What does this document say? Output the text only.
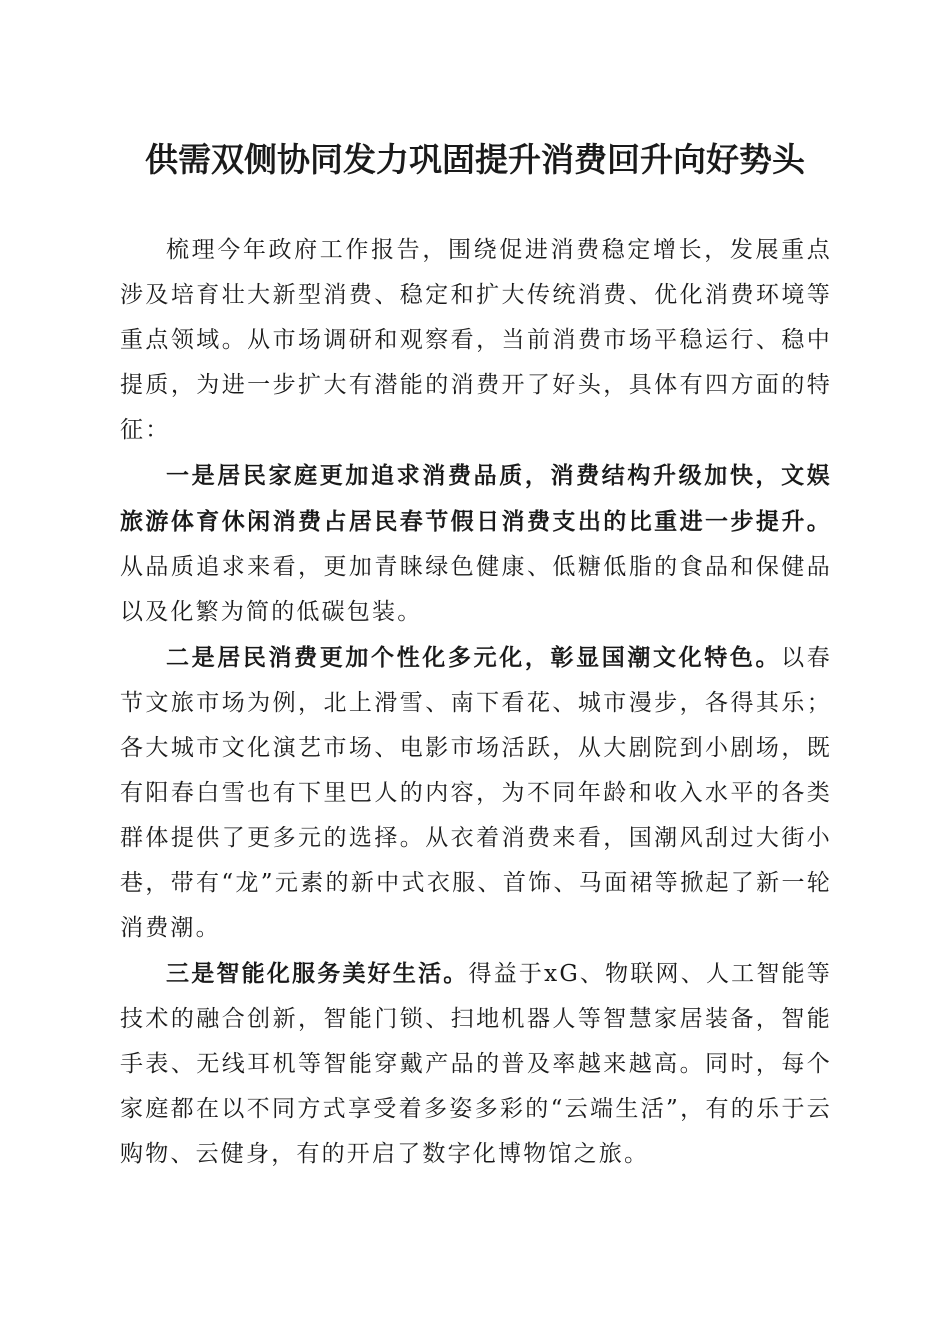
供需双侧协同发力巩固提升消费回升向好势头

梳理今年政府工作报告，围绕促进消费稳定增长，发展重点涉及培育壮大新型消费、稳定和扩大传统消费、优化消费环境等重点领域。从市场调研和观察看，当前消费市场平稳运行、稳中提质，为进一步扩大有潜能的消费开了好头，具体有四方面的特征：

一是居民家庭更加追求消费品质，消费结构升级加快，文娱旅游体育休闲消费占居民春节假日消费支出的比重进一步提升。从品质追求来看，更加青睐绿色健康、低糖低脂的食品和保健品以及化繁为简的低碳包装。

二是居民消费更加个性化多元化，彰显国潮文化特色。以春节文旅市场为例，北上滑雪、南下看花、城市漫步，各得其乐；各大城市文化演艺市场、电影市场活跃，从大剧院到小剧场，既有阳春白雪也有下里巴人的内容，为不同年龄和收入水平的各类群体提供了更多元的选择。从衣着消费来看，国潮风刮过大街小巷，带有“龙”元素的新中式衣服、首饰、马面裙等掀起了新一轮消费潮。

三是智能化服务美好生活。得益于xG、物联网、人工智能等技术的融合创新，智能门锁、扫地机器人等智慧家居装备，智能手表、无线耳机等智能穿戴产品的普及率越来越高。同时，每个家庭都在以不同方式享受着多姿多彩的“云端生活”，有的乐于云购物、云健身，有的开启了数字化博物馆之旅。
